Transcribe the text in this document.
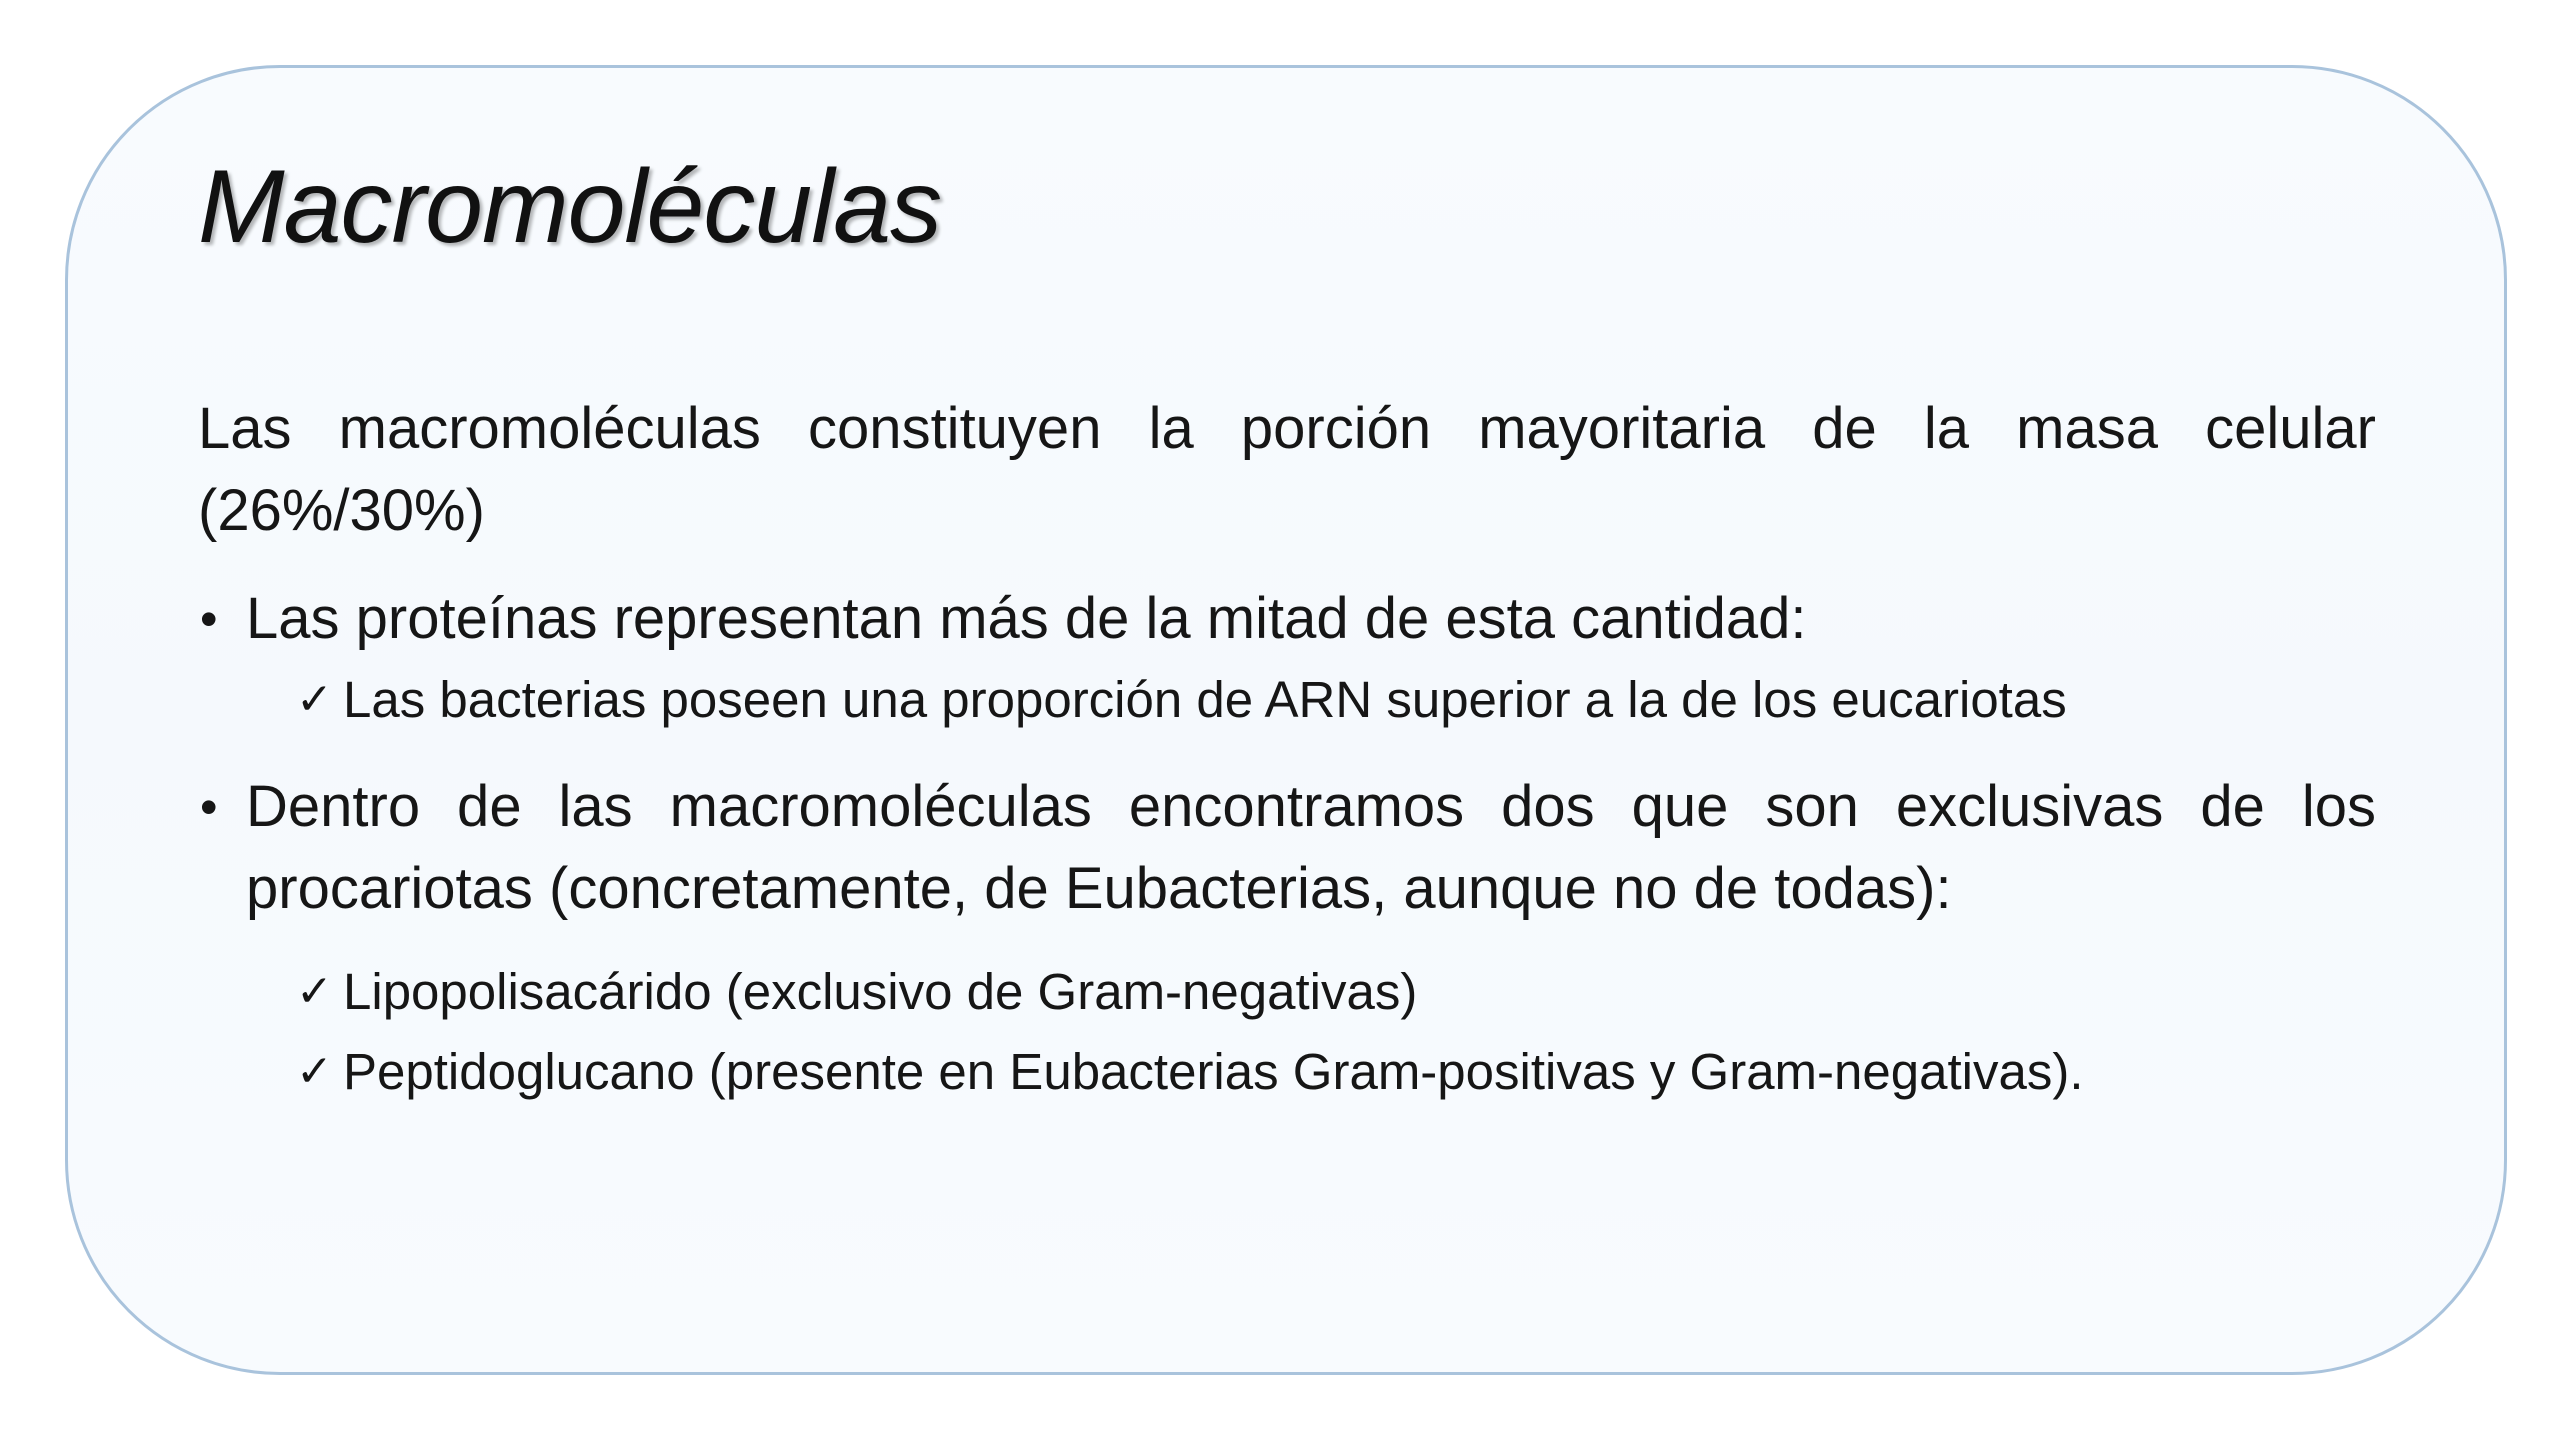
Macromoléculas

Las macromoléculas constituyen la porción mayoritaria de la masa celular (26%/30%)

• Las proteínas representan más de la mitad de esta cantidad:
✓ Las bacterias poseen una proporción de ARN superior a la de los eucariotas
• Dentro de las macromoléculas encontramos dos que son exclusivas de los procariotas (concretamente, de Eubacterias, aunque no de todas):
✓ Lipopolisacárido (exclusivo de Gram-negativas)
✓ Peptidoglucano (presente en Eubacterias Gram-positivas y Gram-negativas).
